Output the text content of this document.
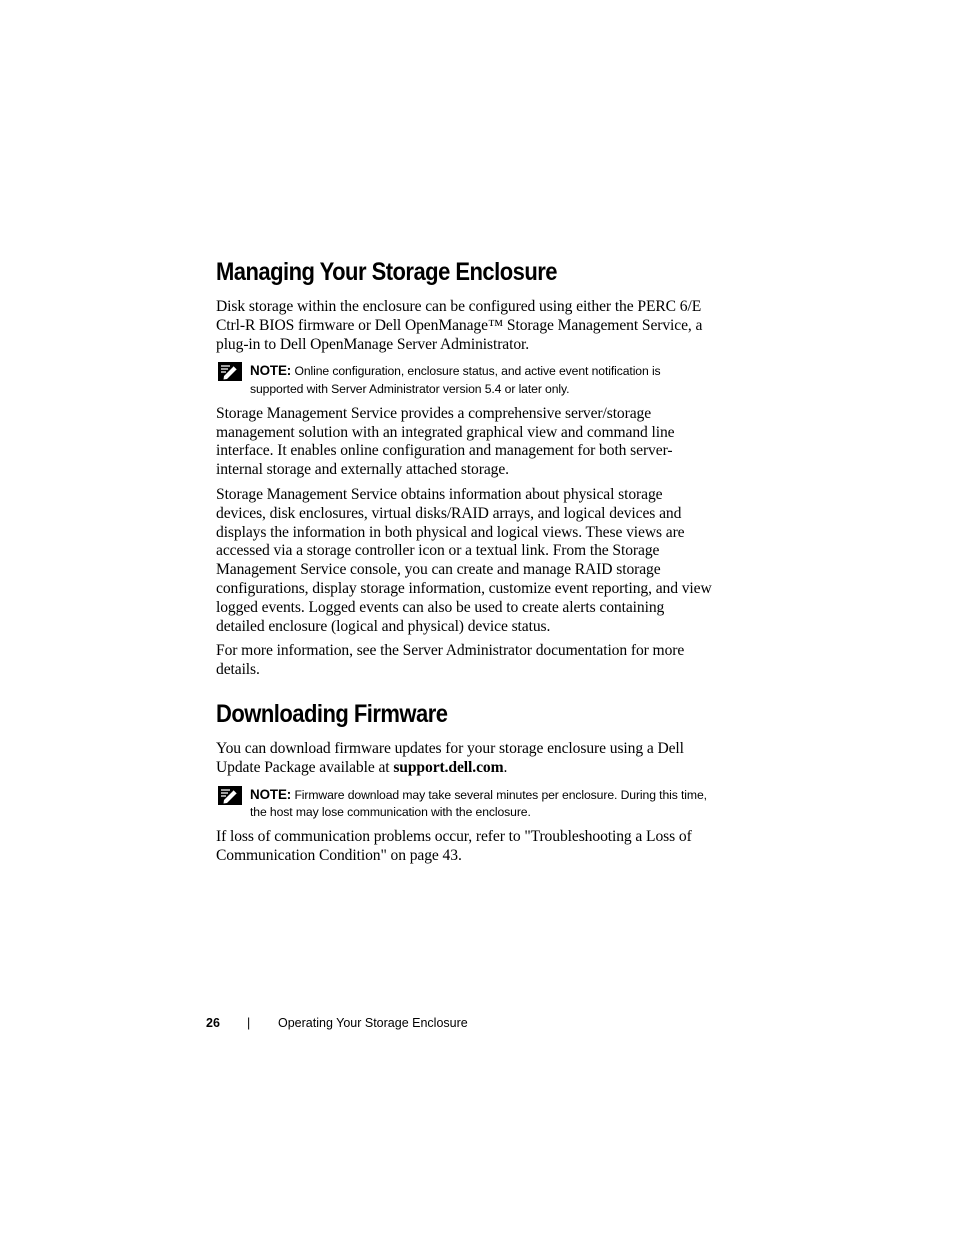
Managing Your Storage Enclosure

Disk storage within the enclosure can be configured using either the PERC 6/E Ctrl-R BIOS firmware or Dell OpenManage™ Storage Management Service, a plug-in to Dell OpenManage Server Administrator.

NOTE: Online configuration, enclosure status, and active event notification is supported with Server Administrator version 5.4 or later only.

Storage Management Service provides a comprehensive server/storage management solution with an integrated graphical view and command line interface. It enables online configuration and management for both server-internal storage and externally attached storage.

Storage Management Service obtains information about physical storage devices, disk enclosures, virtual disks/RAID arrays, and logical devices and displays the information in both physical and logical views. These views are accessed via a storage controller icon or a textual link. From the Storage Management Service console, you can create and manage RAID storage configurations, display storage information, customize event reporting, and view logged events. Logged events can also be used to create alerts containing detailed enclosure (logical and physical) device status.

For more information, see the Server Administrator documentation for more details.

Downloading Firmware

You can download firmware updates for your storage enclosure using a Dell Update Package available at support.dell.com.

NOTE: Firmware download may take several minutes per enclosure. During this time, the host may lose communication with the enclosure.

If loss of communication problems occur, refer to "Troubleshooting a Loss of Communication Condition" on page 43.

26 | Operating Your Storage Enclosure
